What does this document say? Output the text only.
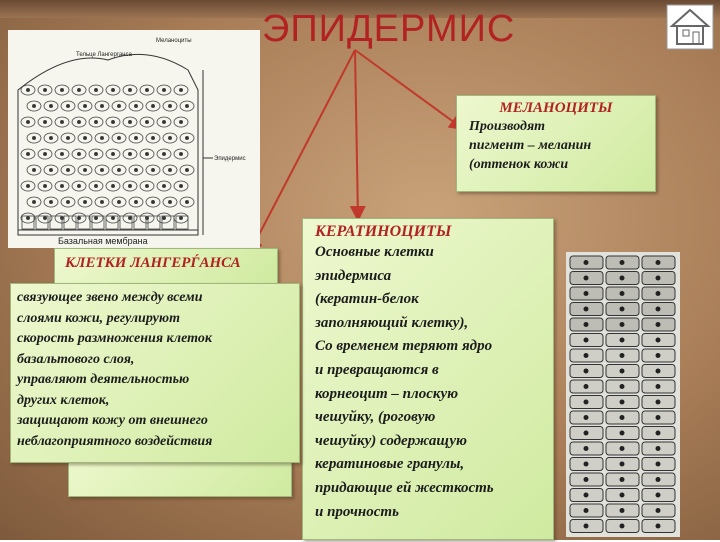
ЭПИДЕРМИС
Тельце Лангерганса
Меланоциты
Эпидермис
Базальная мембрана
МЕЛАНОЦИТЫ
Производят
пигмент – меланин
(оттенок кожи
КЕРАТИНОЦИТЫ
Основные клетки
эпидермиса
(кератин-белок
заполняющий клетку),
Со временем теряют ядро
и превращаются в
корнеоцит – плоскую
чешуйку, (роговую
чешуйку) содержащую
кератиновые гранулы,
придающие ей жесткость
и прочность
КЛЕТКИ ЛАНГЕРЃАНСА
связующее звено между всеми
слоями кожи, регулируют
скорость размножения клеток
базальтового слоя,
управляют деятельностью
других клеток,
защищают кожу от внешнего
неблагоприятного воздействия
